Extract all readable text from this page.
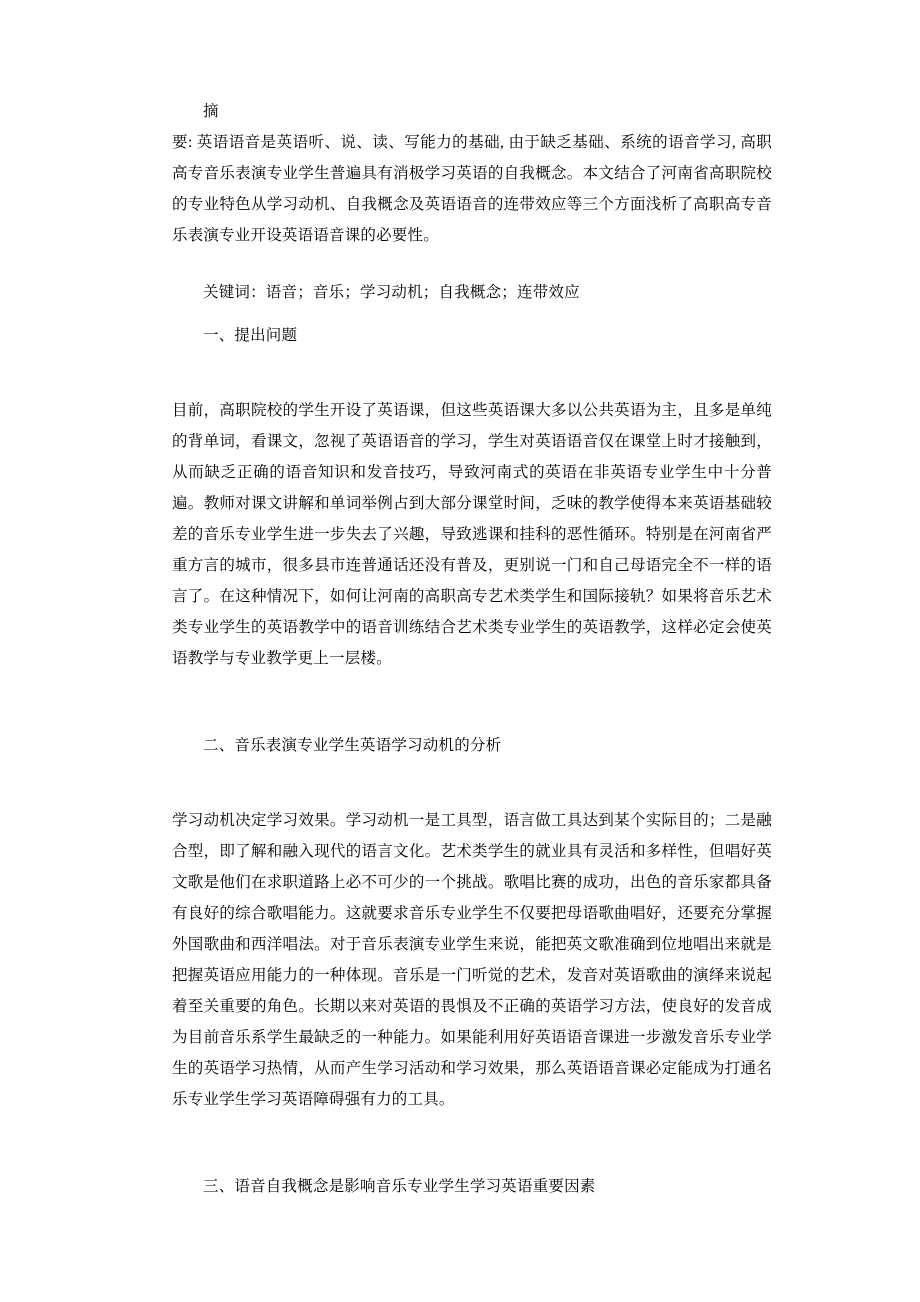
摘
要: 英语语音是英语听、说、读、写能力的基础, 由于缺乏基础、系统的语音学习, 高职高专音乐表演专业学生普遍具有消极学习英语的自我概念。本文结合了河南省高职院校的专业特色从学习动机、自我概念及英语语音的连带效应等三个方面浅析了高职高专音乐表演专业开设英语语音课的必要性。
关键词：语音；音乐；学习动机；自我概念；连带效应
一、提出问题
目前，高职院校的学生开设了英语课，但这些英语课大多以公共英语为主，且多是单纯的背单词，看课文，忽视了英语语音的学习，学生对英语语音仅在课堂上时才接触到，从而缺乏正确的语音知识和发音技巧，导致河南式的英语在非英语专业学生中十分普遍。教师对课文讲解和单词举例占到大部分课堂时间，乏味的教学使得本来英语基础较差的音乐专业学生进一步失去了兴趣，导致逃课和挂科的恶性循环。特别是在河南省严重方言的城市，很多县市连普通话还没有普及，更别说一门和自己母语完全不一样的语言了。在这种情况下，如何让河南的高职高专艺术类学生和国际接轨？如果将音乐艺术类专业学生的英语教学中的语音训练结合艺术类专业学生的英语教学，这样必定会使英语教学与专业教学更上一层楼。
二、音乐表演专业学生英语学习动机的分析
学习动机决定学习效果。学习动机一是工具型，语言做工具达到某个实际目的；二是融合型，即了解和融入现代的语言文化。艺术类学生的就业具有灵活和多样性，但唱好英文歌是他们在求职道路上必不可少的一个挑战。歌唱比赛的成功，出色的音乐家都具备有良好的综合歌唱能力。这就要求音乐专业学生不仅要把母语歌曲唱好，还要充分掌握外国歌曲和西洋唱法。对于音乐表演专业学生来说，能把英文歌准确到位地唱出来就是把握英语应用能力的一种体现。音乐是一门听觉的艺术，发音对英语歌曲的演绎来说起着至关重要的角色。长期以来对英语的畏惧及不正确的英语学习方法，使良好的发音成为目前音乐系学生最缺乏的一种能力。如果能利用好英语语音课进一步激发音乐专业学生的英语学习热情，从而产生学习活动和学习效果，那么英语语音课必定能成为打通名乐专业学生学习英语障碍强有力的工具。
三、语音自我概念是影响音乐专业学生学习英语重要因素
